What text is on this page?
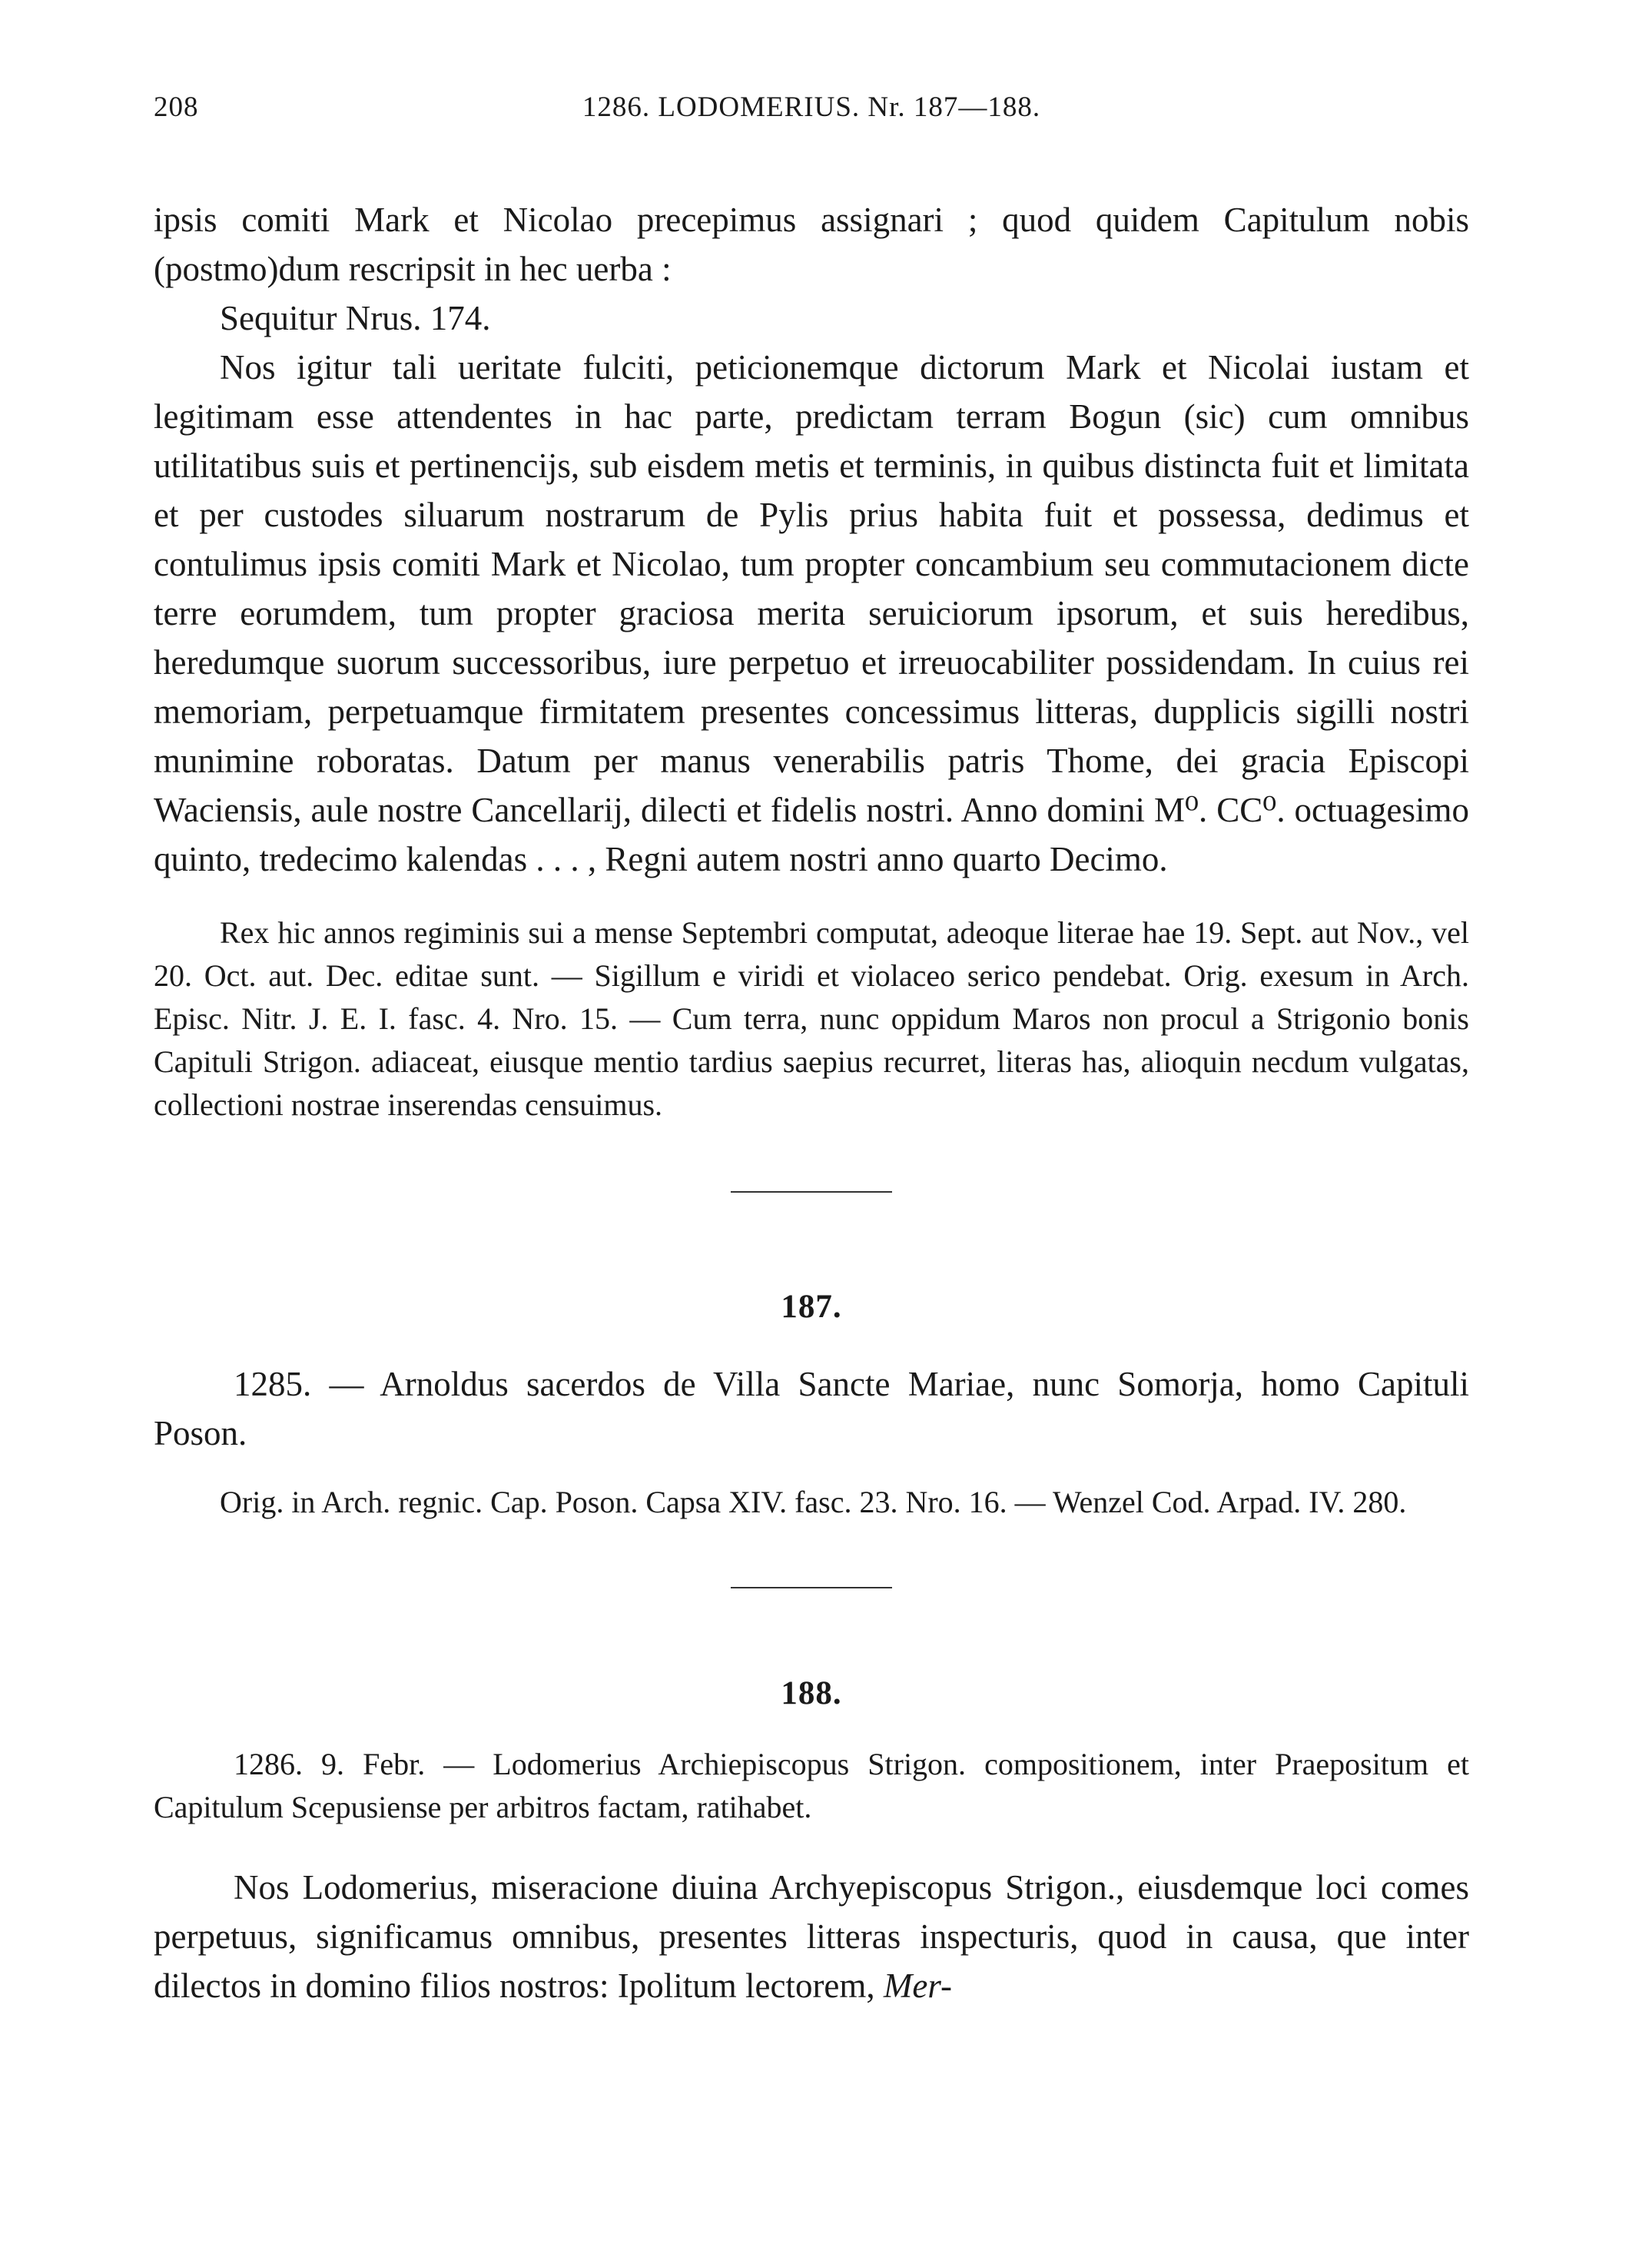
208	1286. LODOMERIUS. Nr. 187—188.

ipsis comiti Mark et Nicolao precepimus assignari ; quod quidem Capitulum nobis (postmo)dum rescripsit in hec uerba :

Sequitur Nrus. 174.

Nos igitur tali ueritate fulciti, peticionemque dictorum Mark et Nicolai iustam et legitimam esse attendentes in hac parte, predictam terram Bogun (sic) cum omnibus utilitatibus suis et pertinencijs, sub eisdem metis et terminis, in quibus distincta fuit et limitata et per custodes siluarum nostrarum de Pylis prius habita fuit et possessa, dedimus et contulimus ipsis comiti Mark et Nicolao, tum propter concambium seu commutacionem dicte terre eorumdem, tum propter graciosa merita seruiciorum ipsorum, et suis heredibus, heredumque suorum successoribus, iure perpetuo et irreuocabiliter possidendam. In cuius rei memoriam, perpetuamque firmitatem presentes concessimus litteras, dupplicis sigilli nostri munimine roboratas. Datum per manus venerabilis patris Thome, dei gracia Episcopi Waciensis, aule nostre Cancellarij, dilecti et fidelis nostri. Anno domini M⁰. CC⁰. octuagesimo quinto, tredecimo kalendas . . . , Regni autem nostri anno quarto Decimo.

Rex hic annos regiminis sui a mense Septembri computat, adeoque literae hae 19. Sept. aut Nov., vel 20. Oct. aut. Dec. editae sunt. — Sigillum e viridi et violaceo serico pendebat. Orig. exesum in Arch. Episc. Nitr. J. E. I. fasc. 4. Nro. 15. — Cum terra, nunc oppidum Maros non procul a Strigonio bonis Capituli Strigon. adiaceat, eiusque mentio tardius saepius recurret, literas has, alioquin necdum vulgatas, collectioni nostrae inserendas censuimus.

187.

1285. — Arnoldus sacerdos de Villa Sancte Mariae, nunc Somorja, homo Capituli Poson.

Orig. in Arch. regnic. Cap. Poson. Capsa XIV. fasc. 23. Nro. 16. — Wenzel Cod. Arpad. IV. 280.

188.

1286. 9. Febr. — Lodomerius Archiepiscopus Strigon. compositionem, inter Praepositum et Capitulum Scepusiense per arbitros factam, ratihabet.

Nos Lodomerius, miseracione diuina Archyepiscopus Strigon., eiusdemque loci comes perpetuus, significamus omnibus, presentes litteras inspecturis, quod in causa, que inter dilectos in domino filios nostros: Ipolitum lectorem, Mer-
